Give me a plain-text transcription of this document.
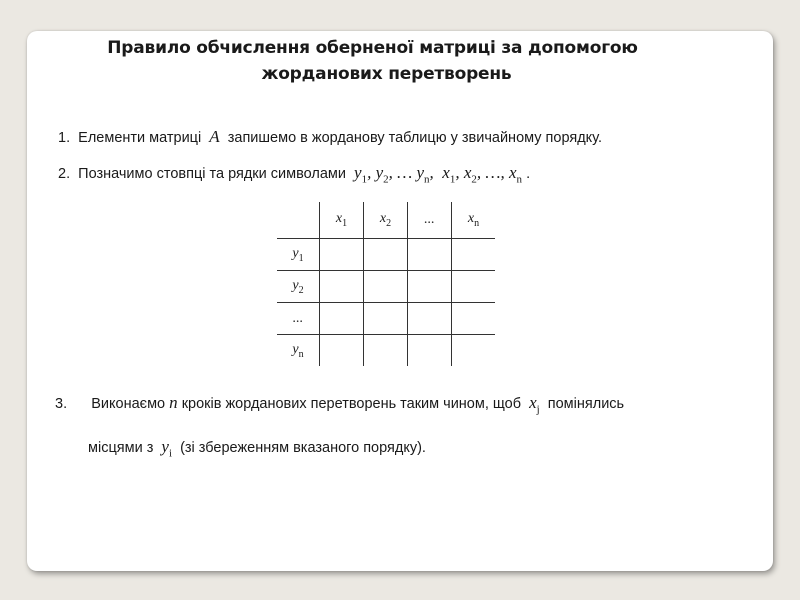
Правило обчислення оберненої матриці за допомогою
жорданових перетворень
1. Елементи матриці A запишемо в жорданову таблицю у звичайному порядку.
2. Позначимо стовпці та рядки символами $y_1$, $y_2$, … $y_n$,  $x_1$, $x_2$, …, $x_n$ .
	$x_1$	$x_2$	...	$x_n$
$y_1$				
$y_2$				
...				
$y_n$				
3. Виконаємо n кроків жорданових перетворень таким чином, щоб $x_j$ помінялись
місцями з $y_i$ (зі збереженням вказаного порядку).
